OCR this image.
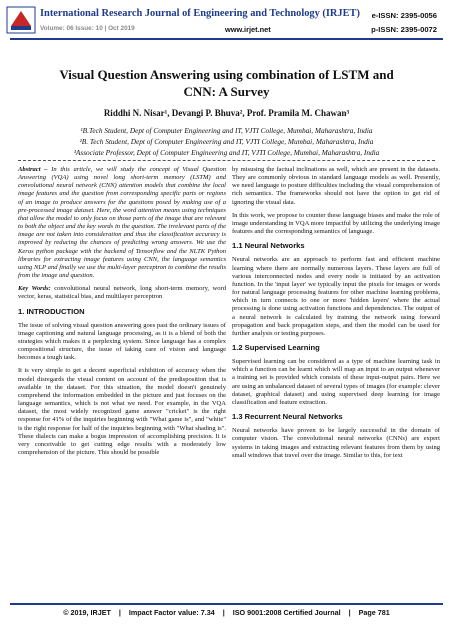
International Research Journal of Engineering and Technology (IRJET) e-ISSN: 2395-0056
Volume: 06 Issue: 10 | Oct 2019	www.irjet.net	p-ISSN: 2395-0072
Visual Question Answering using combination of LSTM and
CNN: A Survey
Riddhi N. Nisar¹, Devangi P. Bhuva², Prof. Pramila M. Chawan³
¹B.Tech Student, Dept of Computer Engineering and IT, VJTI College, Mumbai, Maharashtra, India
²B. Tech Student, Dept of Computer Engineering and IT, VJTI College, Mumbai, Maharashtra, India
³Associate Professor, Dept of Computer Engineering and IT, VJTI College, Mumbai, Maharashtra, India

Abstract – In this article, we will study the concept of Visual Question Answering (VQA) using novel long short-term memory (LSTM) and convolutional neural network (CNN) attention models that combine the local image features and the question from corresponding specific parts or regions of an image to produce answers for the questions posed by making use of a pre-processed image dataset. Here, the word attention means using techniques that allow the model to only focus on those parts of the image that are relevant to both the object and the key words in the question. The irrelevant parts of the image are not taken into consideration and thus the classification accuracy is improved by reducing the chances of predicting wrong answers. We use the Keras python package with the backend of Tensorflow and the NLTK Python libraries for extracting image features using CNN, the language semantics using NLP and finally we use the multi-layer perceptron to combine the results from the image and question.

Key Words: convolutional neural network, long short-term memory, word vector, keras, statistical bias, and multilayer perceptron

1. INTRODUCTION

The issue of solving visual question answering goes past the ordinary issues of image captioning and natural language processing, as it is a blend of both the strategies which makes it a perplexing system. Since language has a complex compositional structure, the issue of taking care of vision and language becomes a tough task.

It is very simple to get a decent superficial exhibition of accuracy when the model disregards the visual content on account of the predisposition that is available in the dataset. For this situation, the model doesn't genuinely comprehend the information embedded in the picture and just focuses on the language semantics, which is not what we need. For example, in the VQA dataset, the most widely recognized game answer "cricket" is the right response for 41% of the inquiries beginning with "What game is", and "white" is the right response for half of the inquiries beginning with "What shading is". These dialects can make a bogus impression of accomplishing precision. It is very conceivable to get cutting edge results with a moderately low comprehension of the picture. This should be possible

by misusing the factual inclinations as well, which are present in the datasets. They are commonly obvious in standard language models as well. Presently, we need language to posture difficulties including the visual comprehension of rich semantics. The frameworks should not have the option to get rid of ignoring the visual data.

In this work, we propose to counter these language biases and make the role of image understanding in VQA more impactful by utilizing the underlying image features and the corresponding semantics of language.

1.1 Neural Networks

Neural networks are an approach to perform fast and efficient machine learning where there are normally numerous layers. These layers are full of various interconnected nodes and every node is initiated by an activation function. In the 'input layer' we typically input the pixels for images or words for natural language processing features for other machine learning problems, which in turn connects to one or more 'hidden layers' where the actual processing is done using activation functions and dependencies. The output of a neural network is calculated by training the network using forward propagation and back propagation steps, and then the model can be used for further analysis or testing purposes.

1.2 Supervised Learning

Supervised learning can be considered as a type of machine learning task in which a function can be learnt which will map an input to an output whenever a training set is provided which consists of these input-output pairs. Here we are using an unbalanced dataset of several types of images (for example: clever dataset, graphical dataset) and using supervised deep learning for image classification and feature extraction.

1.3 Recurrent Neural Networks

Neural networks have proven to be largely successful in the domain of computer vision. The convolutional neural networks (CNNs) are expert systems in taking images and extracting relevant features from them by using small windows that travel over the image. Similar to this, for text

© 2019, IRJET    |    Impact Factor value: 7.34    |    ISO 9001:2008 Certified Journal    |    Page 781
